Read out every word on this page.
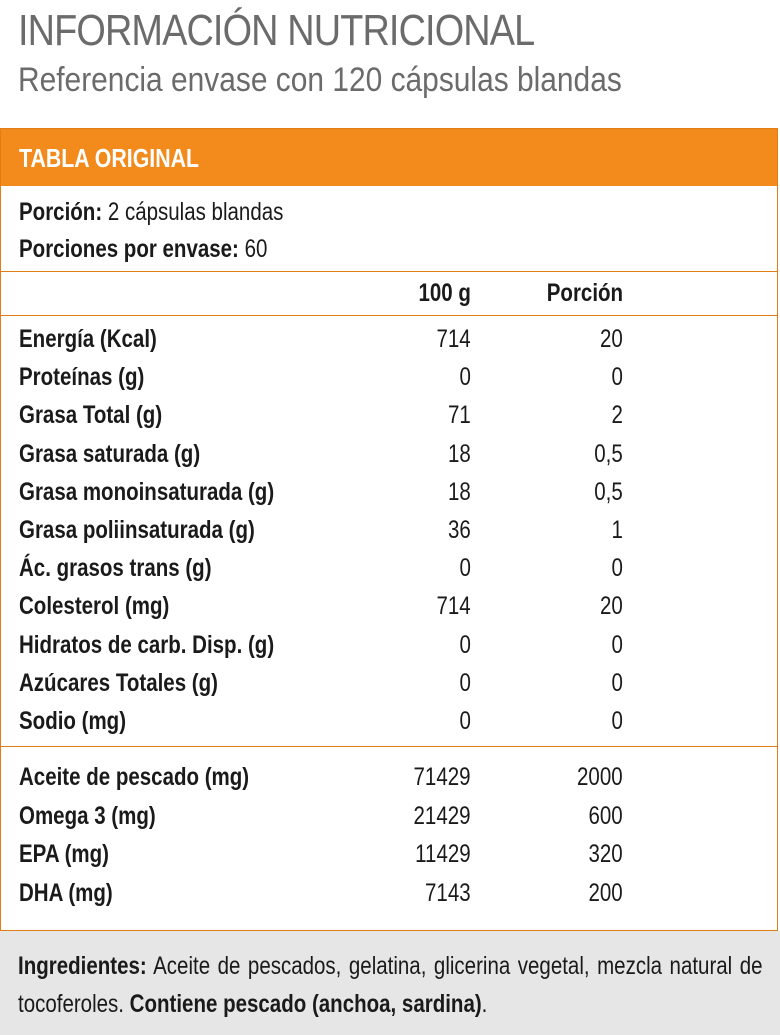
INFORMACIÓN NUTRICIONAL
Referencia envase con 120 cápsulas blandas
TABLA ORIGINAL
Porción: 2 cápsulas blandas
Porciones por envase: 60
100 g	Porción
Energía (Kcal)	714	20
Proteínas (g)	0	0
Grasa Total (g)	71	2
Grasa saturada (g)	18	0,5
Grasa monoinsaturada (g)	18	0,5
Grasa poliinsaturada (g)	36	1
Ác. grasos trans (g)	0	0
Colesterol (mg)	714	20
Hidratos de carb. Disp. (g)	0	0
Azúcares Totales (g)	0	0
Sodio (mg)	0	0
Aceite de pescado (mg)	71429	2000
Omega 3 (mg)	21429	600
EPA (mg)	11429	320
DHA (mg)	7143	200
Ingredientes: Aceite de pescados, gelatina, glicerina vegetal, mezcla natural de tocoferoles. Contiene pescado (anchoa, sardina).
